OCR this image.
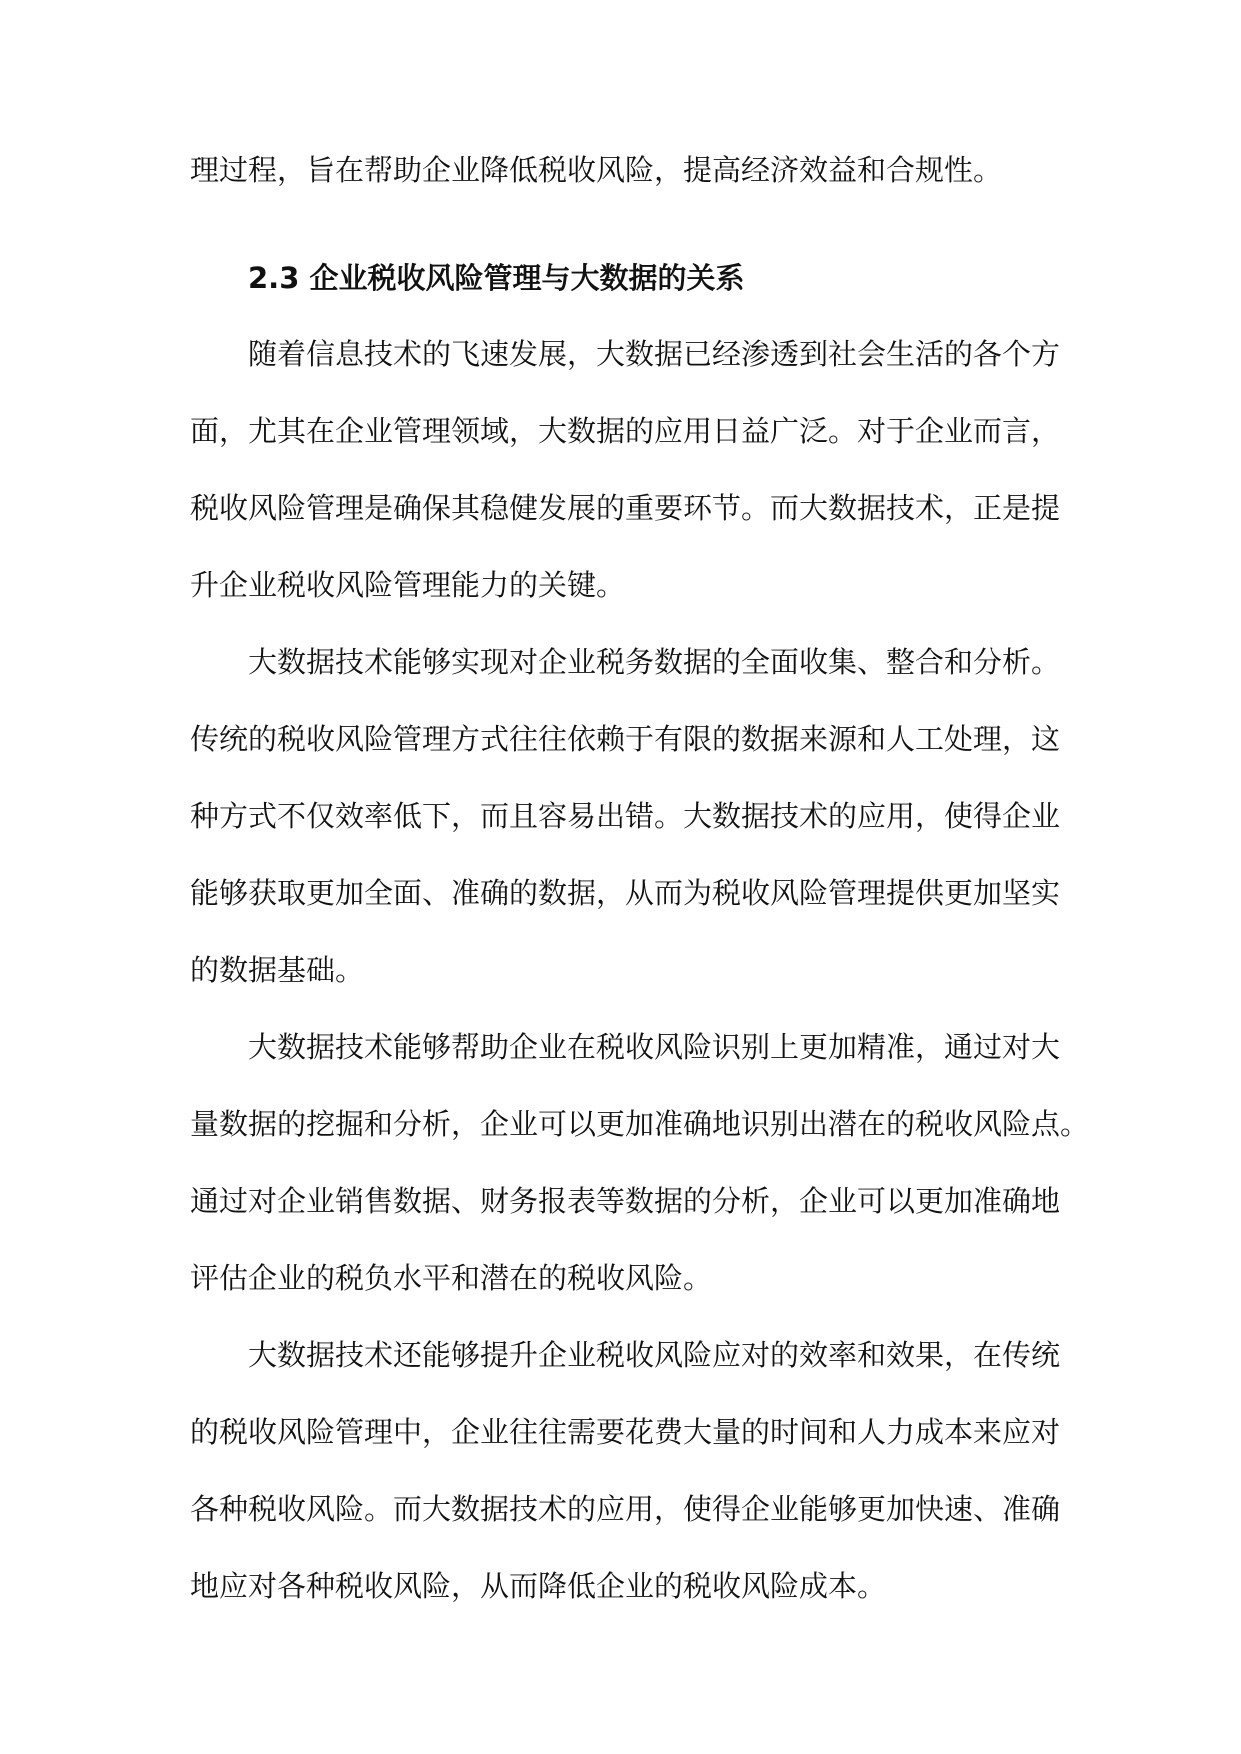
理过程，旨在帮助企业降低税收风险，提高经济效益和合规性。
2.3 企业税收风险管理与大数据的关系
随着信息技术的飞速发展，大数据已经渗透到社会生活的各个方
面，尤其在企业管理领域，大数据的应用日益广泛。对于企业而言，
税收风险管理是确保其稳健发展的重要环节。而大数据技术，正是提
升企业税收风险管理能力的关键。
大数据技术能够实现对企业税务数据的全面收集、整合和分析。
传统的税收风险管理方式往往依赖于有限的数据来源和人工处理，这
种方式不仅效率低下，而且容易出错。大数据技术的应用，使得企业
能够获取更加全面、准确的数据，从而为税收风险管理提供更加坚实
的数据基础。
大数据技术能够帮助企业在税收风险识别上更加精准，通过对大
量数据的挖掘和分析，企业可以更加准确地识别出潜在的税收风险点。
通过对企业销售数据、财务报表等数据的分析，企业可以更加准确地
评估企业的税负水平和潜在的税收风险。
大数据技术还能够提升企业税收风险应对的效率和效果，在传统
的税收风险管理中，企业往往需要花费大量的时间和人力成本来应对
各种税收风险。而大数据技术的应用，使得企业能够更加快速、准确
地应对各种税收风险，从而降低企业的税收风险成本。
